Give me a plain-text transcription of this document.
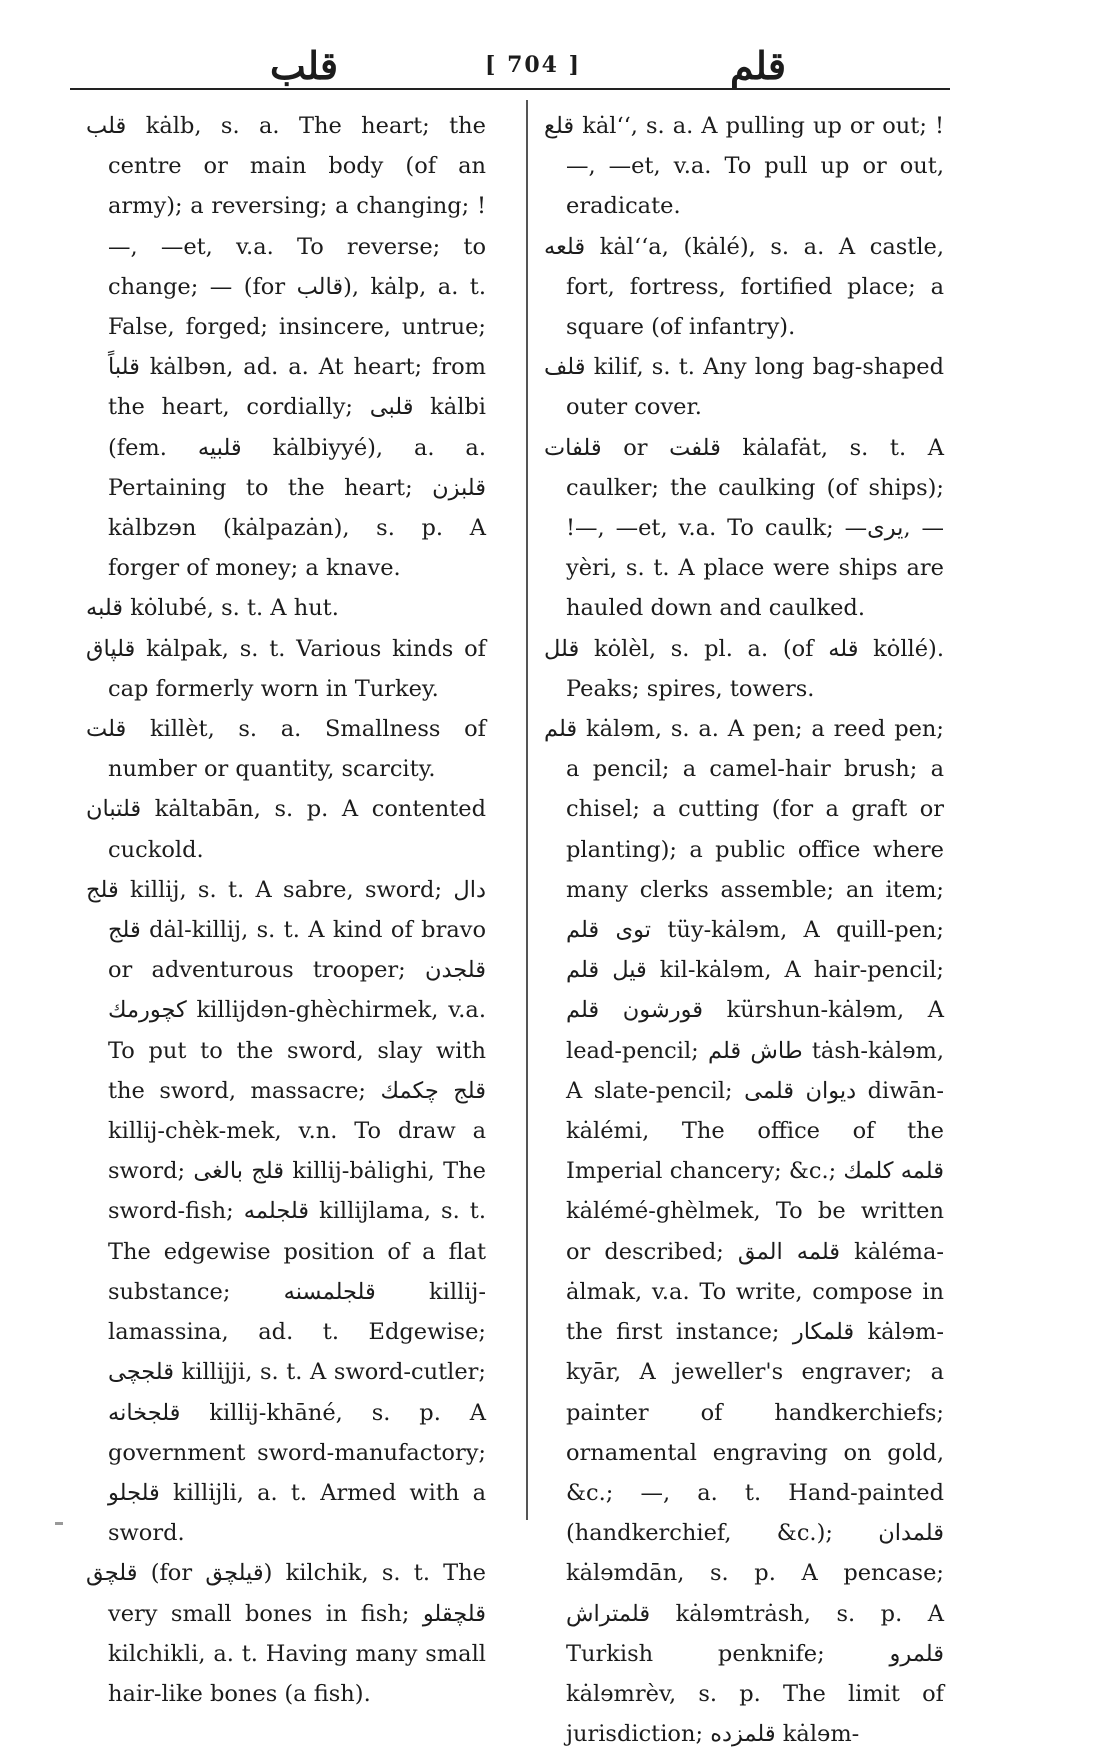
قلب	[ 704 ]	قلم

قلب kȧlb, s. a. The heart; the centre or main body (of an army); a reversing; a changing; !—, —et, v.a. To reverse; to change; — (for قالب), kȧlp, a. t. False, forged; insincere, untrue; قلباً kȧlbɘn, ad. a. At heart; from the heart, cordially; قلبی kȧlbi (fem. قلبیه kȧlbiyyé), a. a. Pertaining to the heart; قلبزن kȧlbzɘn (kȧlpazȧn), s. p. A forger of money; a knave.

قلبه kȯlubé, s. t. A hut.

قلپاق kȧlpak, s. t. Various kinds of cap formerly worn in Turkey.

قلت killèt, s. a. Smallness of number or quantity, scarcity.

قلتبان kȧltabān, s. p. A contented cuckold.

قلج killij, s. t. A sabre, sword; دال قلج dȧl-killij, s. t. A kind of bravo or adventurous trooper; قلجدن کچورمك killijdɘn-ghèchirmek, v.a. To put to the sword, slay with the sword, massacre; قلج چکمك killij-chèk-mek, v.n. To draw a sword; قلج بالغی killij-bȧlighi, The sword-fish; قلجلمه killijlama, s. t. The edgewise position of a flat substance; قلجلمسنه killij-lamassina, ad. t. Edgewise; قلجچی killijji, s. t. A sword-cutler; قلجخانه killij-khāné, s. p. A government sword-manufactory; قلجلو killijli, a. t. Armed with a sword.

قلچق (for قیلچق) kilchik, s. t. The very small bones in fish; قلچقلو kilchikli, a. t. Having many small hair-like bones (a fish).

قلع kȧl‘‘, s. a. A pulling up or out; !—, —et, v.a. To pull up or out, eradicate.

قلعه kȧl‘‘a, (kȧlé), s. a. A castle, fort, fortress, fortified place; a square (of infantry).

قلف kilif, s. t. Any long bag-shaped outer cover.

قلفات or قلفت kȧlafȧt, s. t. A caulker; the caulking (of ships); !—, —et, v.a. To caulk; —یری, —yèri, s. t. A place were ships are hauled down and caulked.

قلل kȯlèl, s. pl. a. (of قله kȯllé). Peaks; spires, towers.

قلم kȧlɘm, s. a. A pen; a reed pen; a pencil; a camel-hair brush; a chisel; a cutting (for a graft or planting); a public office where many clerks assemble; an item; توی قلم tüy-kȧlɘm, A quill-pen; قیل قلم kil-kȧlɘm, A hair-pencil; قورشون قلم kürshun-kȧlɘm, A lead-pencil; طاش قلم tȧsh-kȧlɘm, A slate-pencil; دیوان قلمی diwān-kȧlémi, The office of the Imperial chancery; &c.; قلمه کلمك kȧlémé-ghèlmek, To be written or described; قلمه المق kȧléma-ȧlmak, v.a. To write, compose in the first instance; قلمکار kȧlɘm-kyār, A jeweller's engraver; a painter of handkerchiefs; ornamental engraving on gold, &c.; —, a. t. Hand-painted (handkerchief, &c.); قلمدان kȧlɘmdān, s. p. A pencase; قلمتراش kȧlɘmtrȧsh, s. p. A Turkish penknife; قلمرو kȧlɘmrèv, s. p. The limit of jurisdiction; قلمزده kȧlɘm-
